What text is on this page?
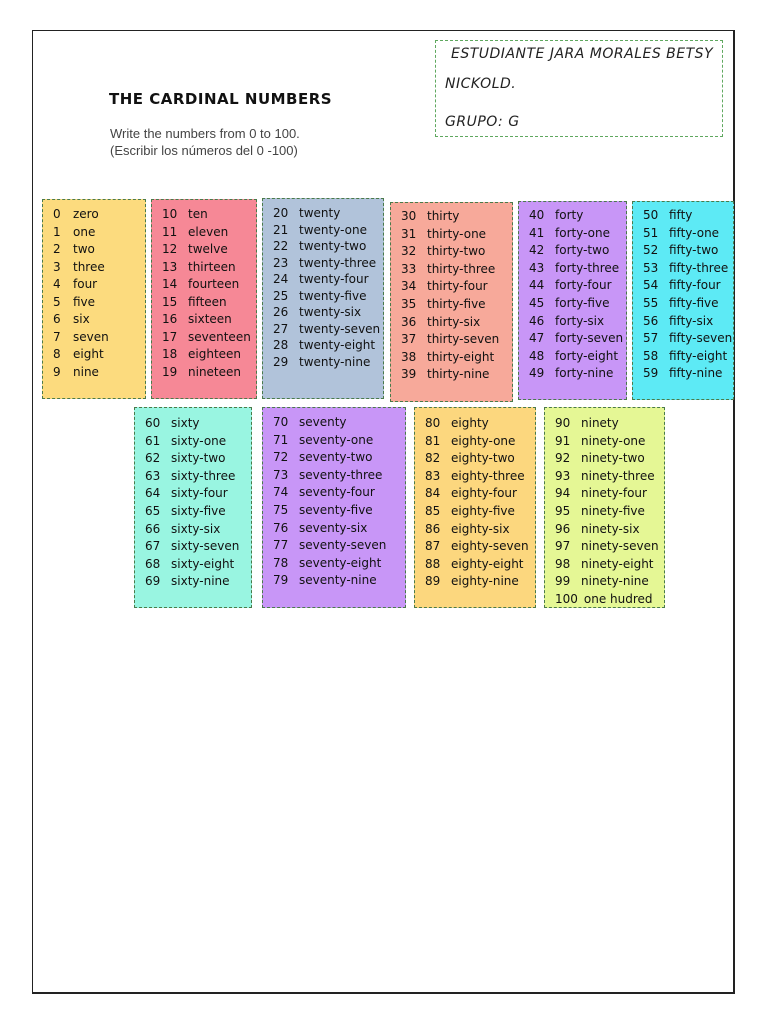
ESTUDIANTE JARA MORALES BETSY
NICKOLD.
GRUPO: G
THE CARDINAL NUMBERS
Write the numbers from 0 to 100.
(Escribir los números del 0 -100)
0	zero
1	one
2	two
3	three
4	four
5	five
6	six
7	seven
8	eight
9	nine
10 ten
11 eleven
12 twelve
13 thirteen
14 fourteen
15 fifteen
16 sixteen
17 seventeen
18 eighteen
19 nineteen
20 twenty
21 twenty-one
22 twenty-two
23 twenty-three
24 twenty-four
25 twenty-five
26 twenty-six
27 twenty-seven
28 twenty-eight
29 twenty-nine
30 thirty
31 thirty-one
32 thirty-two
33 thirty-three
34 thirty-four
35 thirty-five
36 thirty-six
37 thirty-seven
38 thirty-eight
39 thirty-nine
40 forty
41 forty-one
42 forty-two
43 forty-three
44 forty-four
45 forty-five
46 forty-six
47 forty-seven
48 forty-eight
49 forty-nine
50 fifty
51 fifty-one
52 fifty-two
53 fifty-three
54 fifty-four
55 fifty-five
56 fifty-six
57 fifty-seven
58 fifty-eight
59 fifty-nine
60 sixty
61 sixty-one
62 sixty-two
63 sixty-three
64 sixty-four
65 sixty-five
66 sixty-six
67 sixty-seven
68 sixty-eight
69 sixty-nine
70 seventy
71 seventy-one
72 seventy-two
73 seventy-three
74 seventy-four
75 seventy-five
76 seventy-six
77 seventy-seven
78 seventy-eight
79 seventy-nine
80 eighty
81 eighty-one
82 eighty-two
83 eighty-three
84 eighty-four
85 eighty-five
86 eighty-six
87 eighty-seven
88 eighty-eight
89 eighty-nine
90 ninety
91 ninety-one
92 ninety-two
93 ninety-three
94 ninety-four
95 ninety-five
96 ninety-six
97 ninety-seven
98 ninety-eight
99 ninety-nine
100 one hudred
